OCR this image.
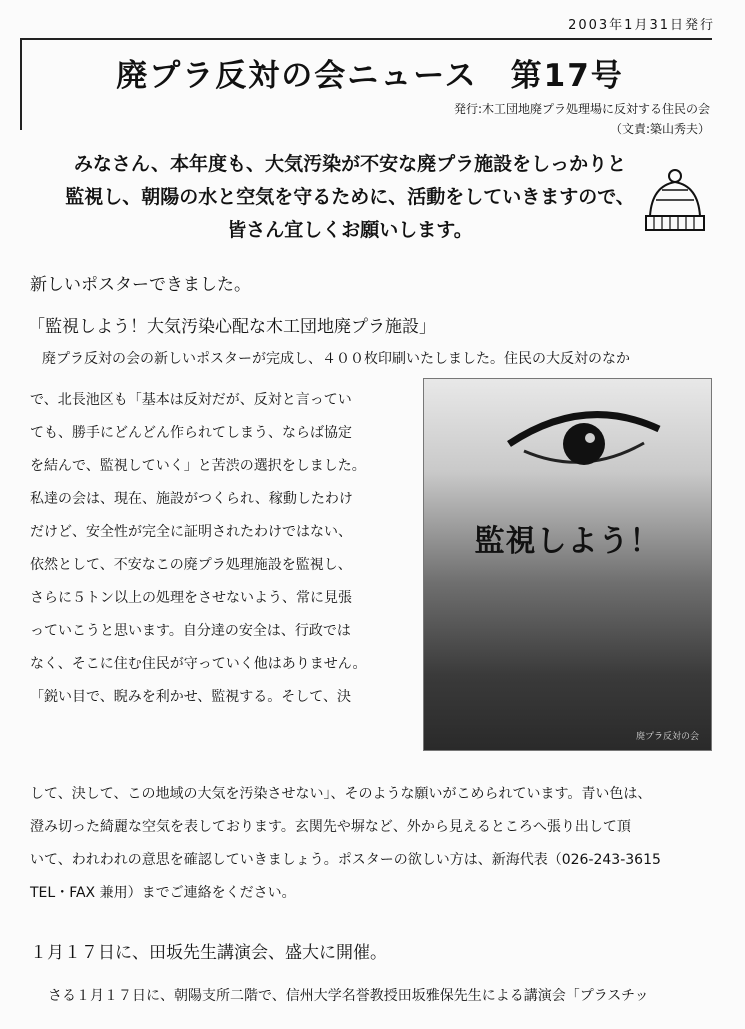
2003年1月31日発行
廃プラ反対の会ニュース　第17号
発行:木工団地廃プラ処理場に反対する住民の会
（文責:築山秀夫）
みなさん、本年度も、大気汚染が不安な廃プラ施設をしっかりと
監視し、朝陽の水と空気を守るために、活動をしていきますので、
皆さん宜しくお願いします。
新しいポスターできました。
「監視しよう！大気汚染心配な木工団地廃プラ施設」
廃プラ反対の会の新しいポスターが完成し、４００枚印刷いたしました。住民の大反対のなか
で、北長池区も「基本は反対だが、反対と言ってい
ても、勝手にどんどん作られてしまう、ならば協定
を結んで、監視していく」と苦渋の選択をしました。
私達の会は、現在、施設がつくられ、稼動したわけ
だけど、安全性が完全に証明されたわけではない、
依然として、不安なこの廃プラ処理施設を監視し、
さらに５トン以上の処理をさせないよう、常に見張
っていこうと思います。自分達の安全は、行政では
なく、そこに住む住民が守っていく他はありません。
「鋭い目で、睨みを利かせ、監視する。そして、決
監視しよう！
廃プラ反対の会
して、決して、この地域の大気を汚染させない」、そのような願いがこめられています。青い色は、
澄み切った綺麗な空気を表しております。玄関先や塀など、外から見えるところへ張り出して頂
いて、われわれの意思を確認していきましょう。ポスターの欲しい方は、新海代表（026-243-3615
TEL・FAX 兼用）までご連絡をください。
１月１７日に、田坂先生講演会、盛大に開催。
さる１月１７日に、朝陽支所二階で、信州大学名誉教授田坂雅保先生による講演会「プラスチッ
